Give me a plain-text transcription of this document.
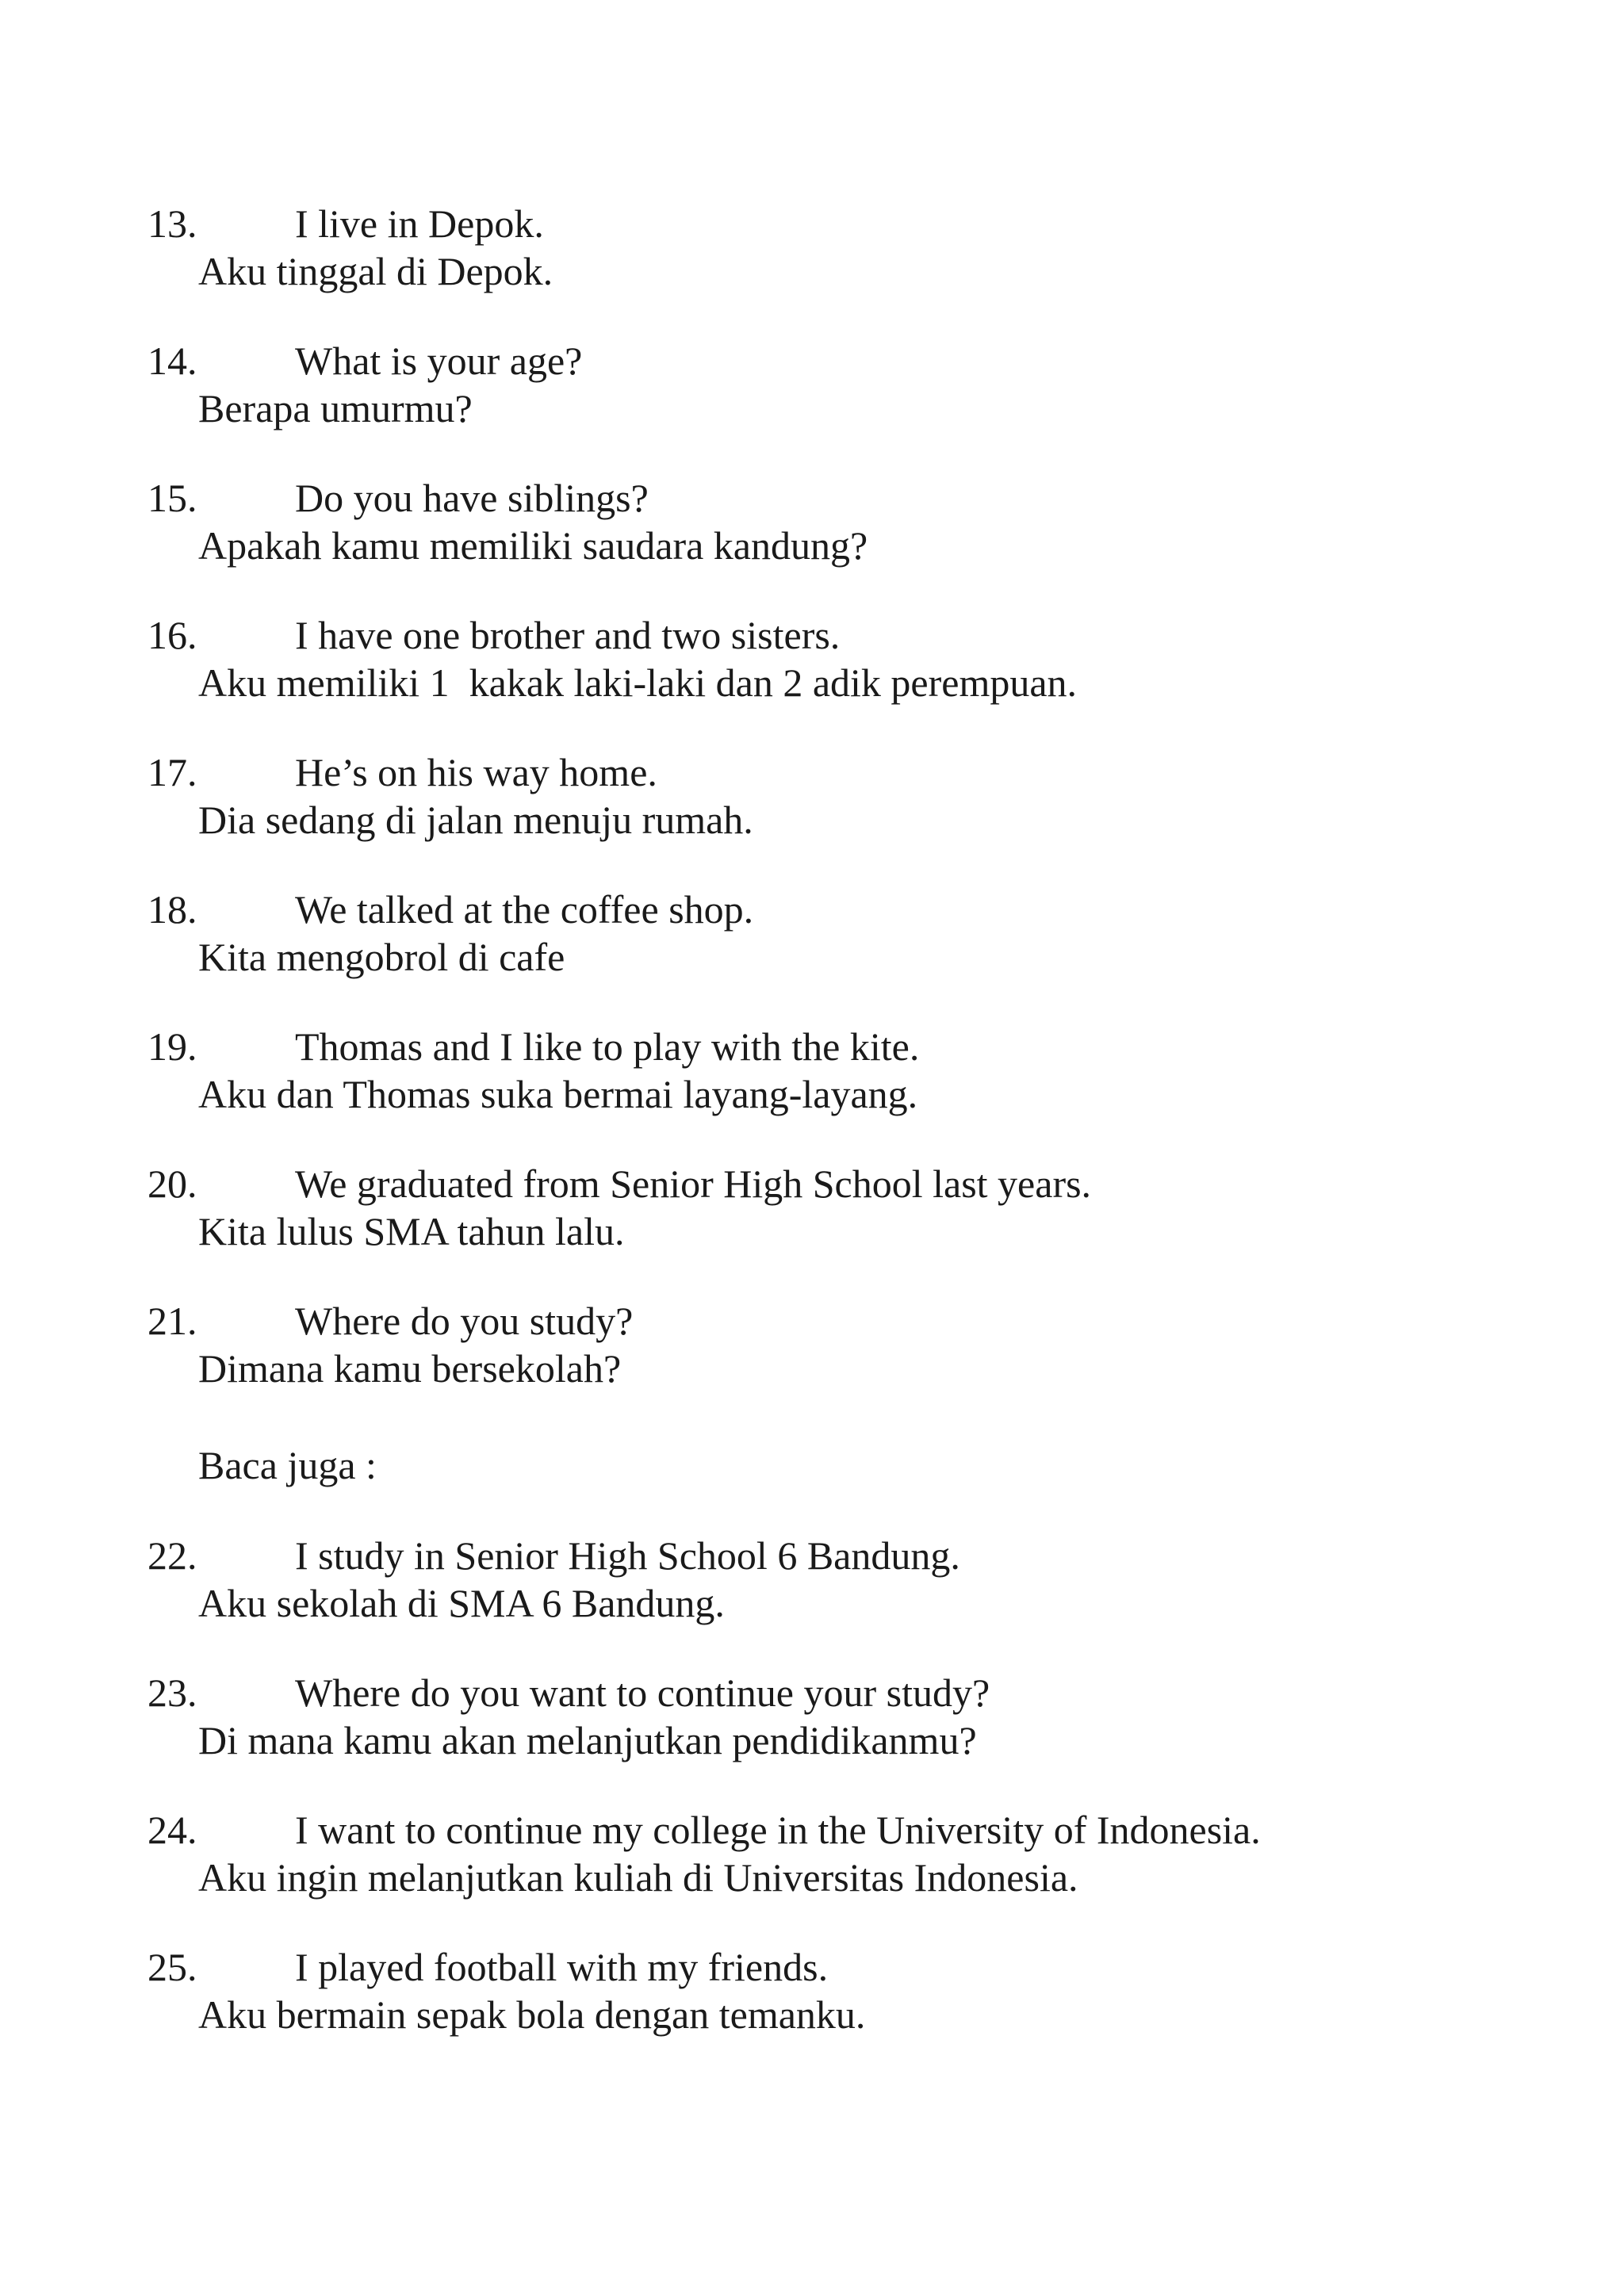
13. I live in Depok.
Aku tinggal di Depok.
14. What is your age?
Berapa umurmu?
15. Do you have siblings?
Apakah kamu memiliki saudara kandung?
16. I have one brother and two sisters.
Aku memiliki 1  kakak laki-laki dan 2 adik perempuan.
17. He’s on his way home.
Dia sedang di jalan menuju rumah.
18. We talked at the coffee shop.
Kita mengobrol di cafe
19. Thomas and I like to play with the kite.
Aku dan Thomas suka bermai layang-layang.
20. We graduated from Senior High School last years.
Kita lulus SMA tahun lalu.
21. Where do you study?
Dimana kamu bersekolah?
Baca juga :
22. I study in Senior High School 6 Bandung.
Aku sekolah di SMA 6 Bandung.
23. Where do you want to continue your study?
Di mana kamu akan melanjutkan pendidikanmu?
24. I want to continue my college in the University of Indonesia.
Aku ingin melanjutkan kuliah di Universitas Indonesia.
25. I played football with my friends.
Aku bermain sepak bola dengan temanku.
